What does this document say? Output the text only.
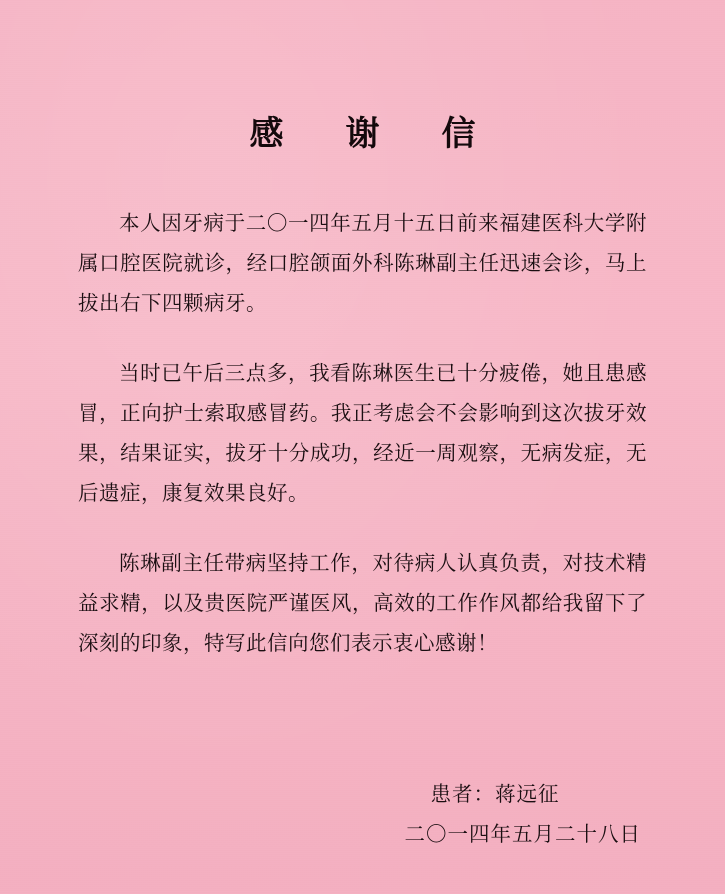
感　谢　信

本人因牙病于二〇一四年五月十五日前来福建医科大学附属口腔医院就诊，经口腔颌面外科陈琳副主任迅速会诊，马上拔出右下四颗病牙。

当时已午后三点多，我看陈琳医生已十分疲倦，她且患感冒，正向护士索取感冒药。我正考虑会不会影响到这次拔牙效果，结果证实，拔牙十分成功，经近一周观察，无病发症，无后遗症，康复效果良好。

陈琳副主任带病坚持工作，对待病人认真负责，对技术精益求精，以及贵医院严谨医风，高效的工作作风都给我留下了深刻的印象，特写此信向您们表示衷心感谢！

患者：蒋远征
二〇一四年五月二十八日
